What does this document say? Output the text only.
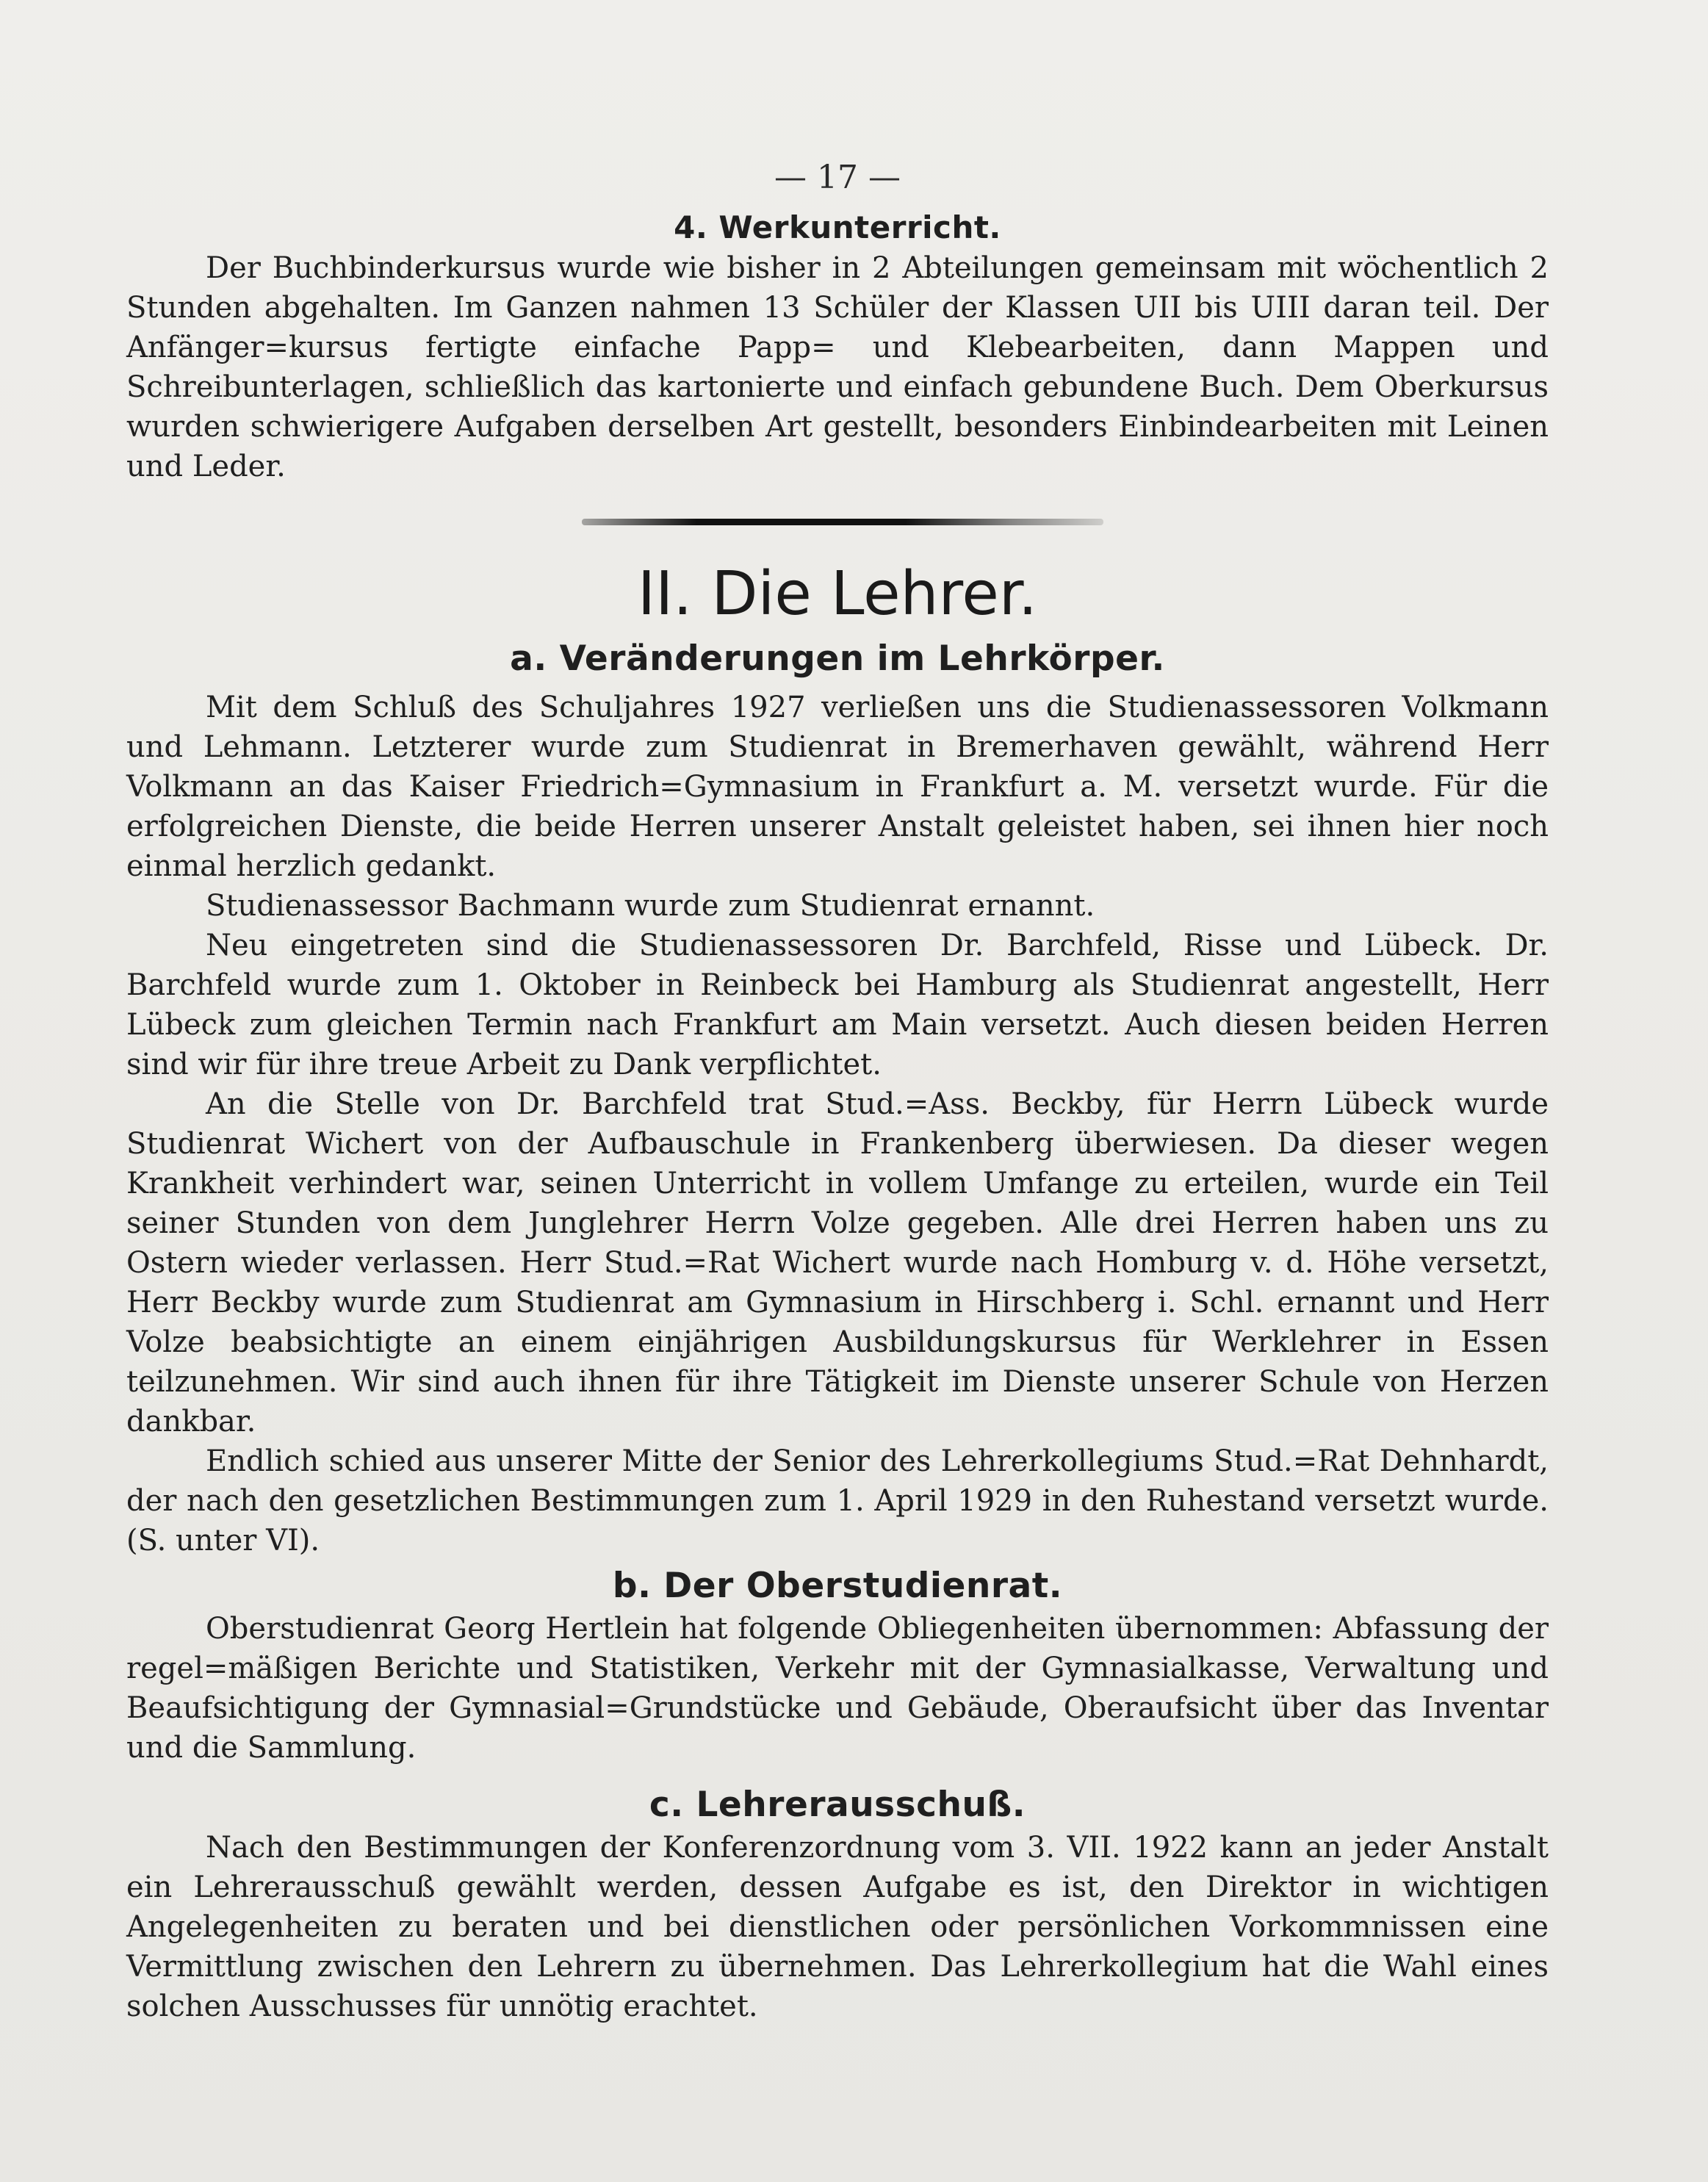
— 17 —
4. Werkunterricht.

Der Buchbinderkursus wurde wie bisher in 2 Abteilungen gemeinsam mit wöchentlich 2 Stunden abgehalten. Im Ganzen nahmen 13 Schüler der Klassen UII bis UIII daran teil. Der Anfänger=kursus fertigte einfache Papp= und Klebearbeiten, dann Mappen und Schreibunterlagen, schließlich das kartonierte und einfach gebundene Buch. Dem Oberkursus wurden schwierigere Aufgaben derselben Art gestellt, besonders Einbindearbeiten mit Leinen und Leder.

II. Die Lehrer.
a. Veränderungen im Lehrkörper.

Mit dem Schluß des Schuljahres 1927 verließen uns die Studienassessoren Volkmann und Lehmann. Letzterer wurde zum Studienrat in Bremerhaven gewählt, während Herr Volkmann an das Kaiser Friedrich=Gymnasium in Frankfurt a. M. versetzt wurde. Für die erfolgreichen Dienste, die beide Herren unserer Anstalt geleistet haben, sei ihnen hier noch einmal herzlich gedankt.

Studienassessor Bachmann wurde zum Studienrat ernannt.

Neu eingetreten sind die Studienassessoren Dr. Barchfeld, Risse und Lübeck. Dr. Barchfeld wurde zum 1. Oktober in Reinbeck bei Hamburg als Studienrat angestellt, Herr Lübeck zum gleichen Termin nach Frankfurt am Main versetzt. Auch diesen beiden Herren sind wir für ihre treue Arbeit zu Dank verpflichtet.

An die Stelle von Dr. Barchfeld trat Stud.=Ass. Beckby, für Herrn Lübeck wurde Studienrat Wichert von der Aufbauschule in Frankenberg überwiesen. Da dieser wegen Krankheit verhindert war, seinen Unterricht in vollem Umfange zu erteilen, wurde ein Teil seiner Stunden von dem Junglehrer Herrn Volze gegeben. Alle drei Herren haben uns zu Ostern wieder verlassen. Herr Stud.=Rat Wichert wurde nach Homburg v. d. Höhe versetzt, Herr Beckby wurde zum Studienrat am Gymnasium in Hirschberg i. Schl. ernannt und Herr Volze beabsichtigte an einem einjährigen Ausbildungskursus für Werklehrer in Essen teilzunehmen. Wir sind auch ihnen für ihre Tätigkeit im Dienste unserer Schule von Herzen dankbar.

Endlich schied aus unserer Mitte der Senior des Lehrerkollegiums Stud.=Rat Dehnhardt, der nach den gesetzlichen Bestimmungen zum 1. April 1929 in den Ruhestand versetzt wurde. (S. unter VI).

b. Der Oberstudienrat.

Oberstudienrat Georg Hertlein hat folgende Obliegenheiten übernommen: Abfassung der regel=mäßigen Berichte und Statistiken, Verkehr mit der Gymnasialkasse, Verwaltung und Beaufsichtigung der Gymnasial=Grundstücke und Gebäude, Oberaufsicht über das Inventar und die Sammlung.

c. Lehrerausschuß.

Nach den Bestimmungen der Konferenzordnung vom 3. VII. 1922 kann an jeder Anstalt ein Lehrerausschuß gewählt werden, dessen Aufgabe es ist, den Direktor in wichtigen Angelegenheiten zu beraten und bei dienstlichen oder persönlichen Vorkommnissen eine Vermittlung zwischen den Lehrern zu übernehmen. Das Lehrerkollegium hat die Wahl eines solchen Ausschusses für unnötig erachtet.
